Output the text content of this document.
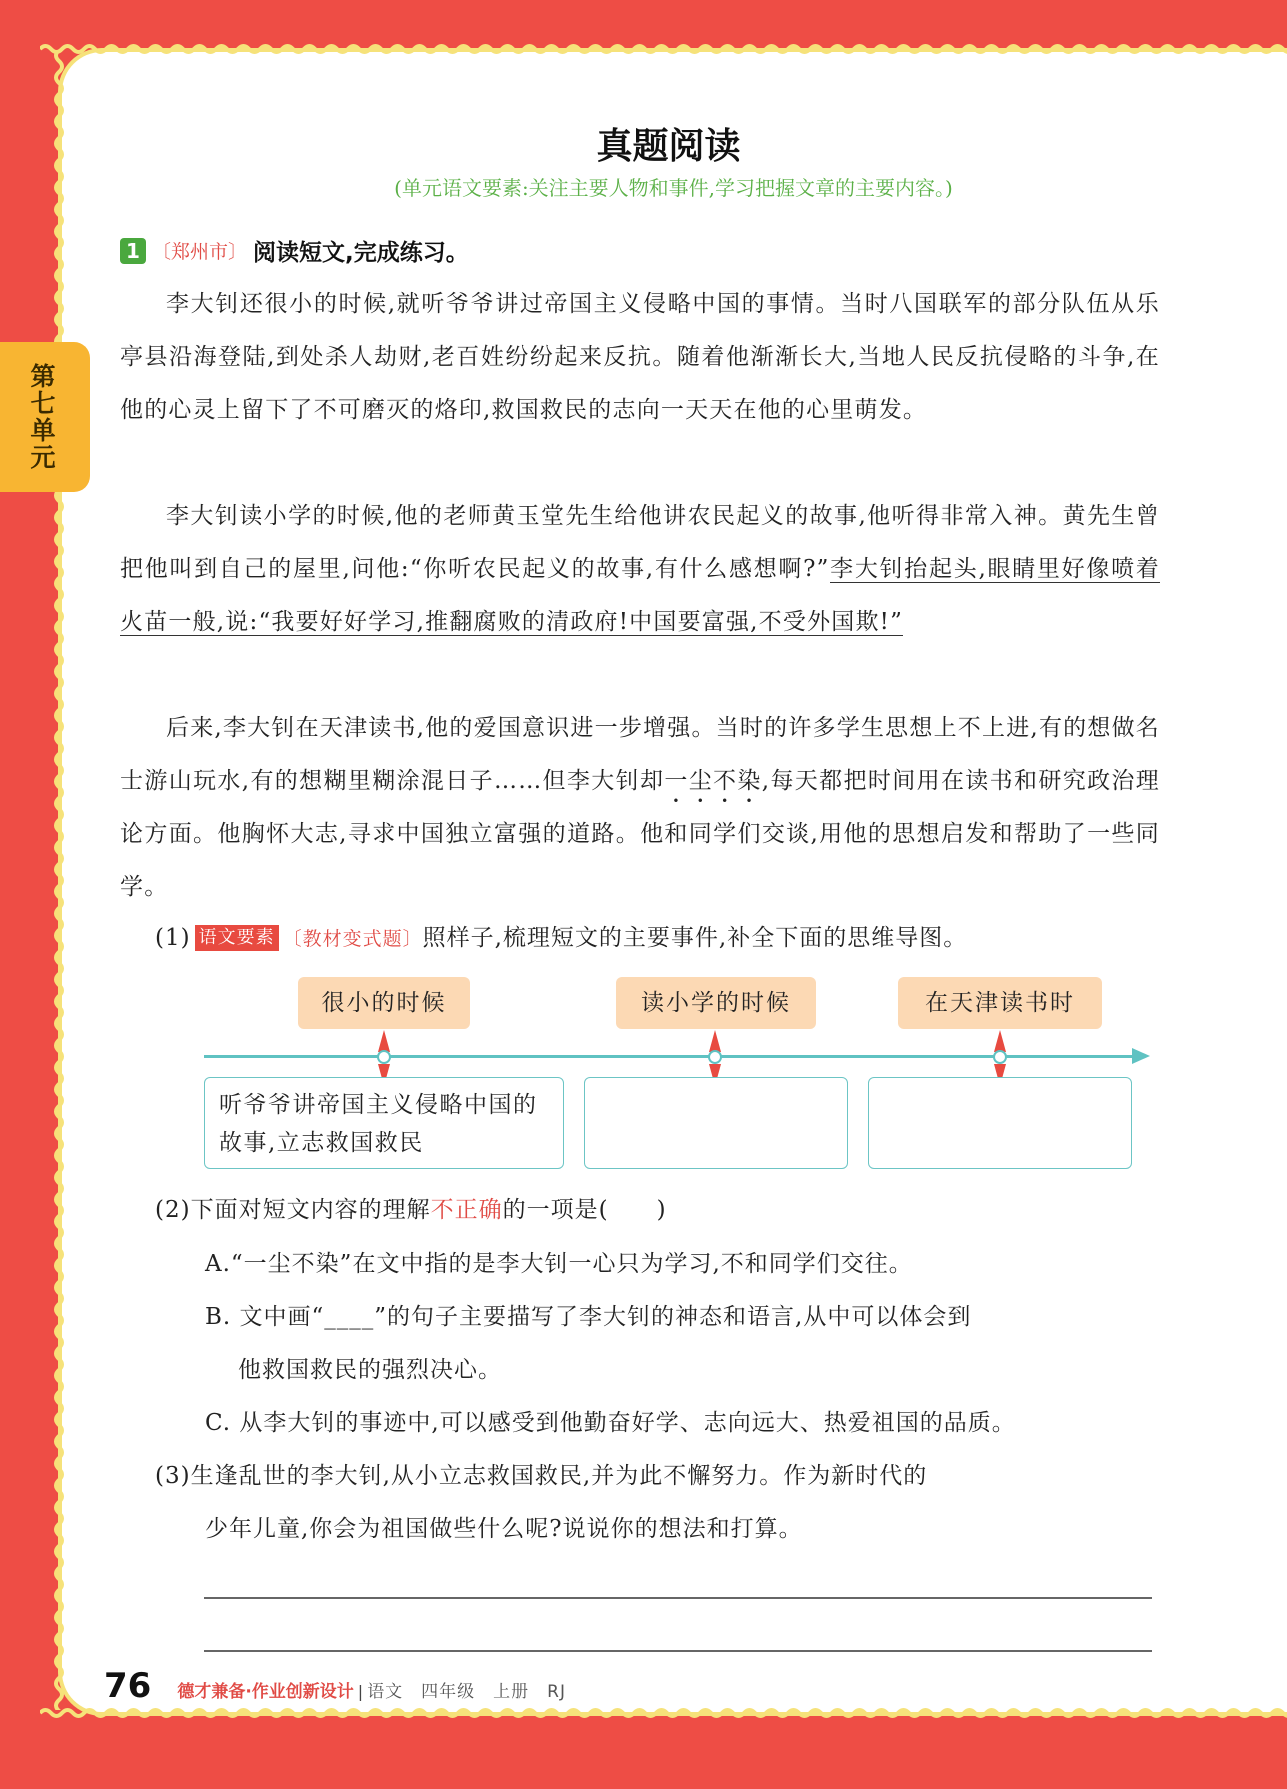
第七单元
真题阅读
(单元语文要素:关注主要人物和事件,学习把握文章的主要内容。)
1 〔郑州市〕 阅读短文,完成练习。
李大钊还很小的时候,就听爷爷讲过帝国主义侵略中国的事情。当时八国联军的部分队伍从乐亭县沿海登陆,到处杀人劫财,老百姓纷纷起来反抗。随着他渐渐长大,当地人民反抗侵略的斗争,在他的心灵上留下了不可磨灭的烙印,救国救民的志向一天天在他的心里萌发。
李大钊读小学的时候,他的老师黄玉堂先生给他讲农民起义的故事,他听得非常入神。黄先生曾把他叫到自己的屋里,问他:“你听农民起义的故事,有什么感想啊?”李大钊抬起头,眼睛里好像喷着火苗一般,说:“我要好好学习,推翻腐败的清政府!中国要富强,不受外国欺!”
后来,李大钊在天津读书,他的爱国意识进一步增强。当时的许多学生思想上不上进,有的想做名士游山玩水,有的想糊里糊涂混日子……但李大钊却一尘不染,每天都把时间用在读书和研究政治理论方面。他胸怀大志,寻求中国独立富强的道路。他和同学们交谈,用他的思想启发和帮助了一些同学。
(1) 语文要素 〔教材变式题〕照样子,梳理短文的主要事件,补全下面的思维导图。
很小的时候	读小学的时候	在天津读书时
听爷爷讲帝国主义侵略中国的故事,立志救国救民
(2)下面对短文内容的理解不正确的一项是(　　)
A.“一尘不染”在文中指的是李大钊一心只为学习,不和同学们交往。
B. 文中画“____”的句子主要描写了李大钊的神态和语言,从中可以体会到
他救国救民的强烈决心。
C. 从李大钊的事迹中,可以感受到他勤奋好学、志向远大、热爱祖国的品质。
(3)生逢乱世的李大钊,从小立志救国救民,并为此不懈努力。作为新时代的
少年儿童,你会为祖国做些什么呢?说说你的想法和打算。
76 德才兼备·作业创新设计 | 语文　四年级　上册　RJ
